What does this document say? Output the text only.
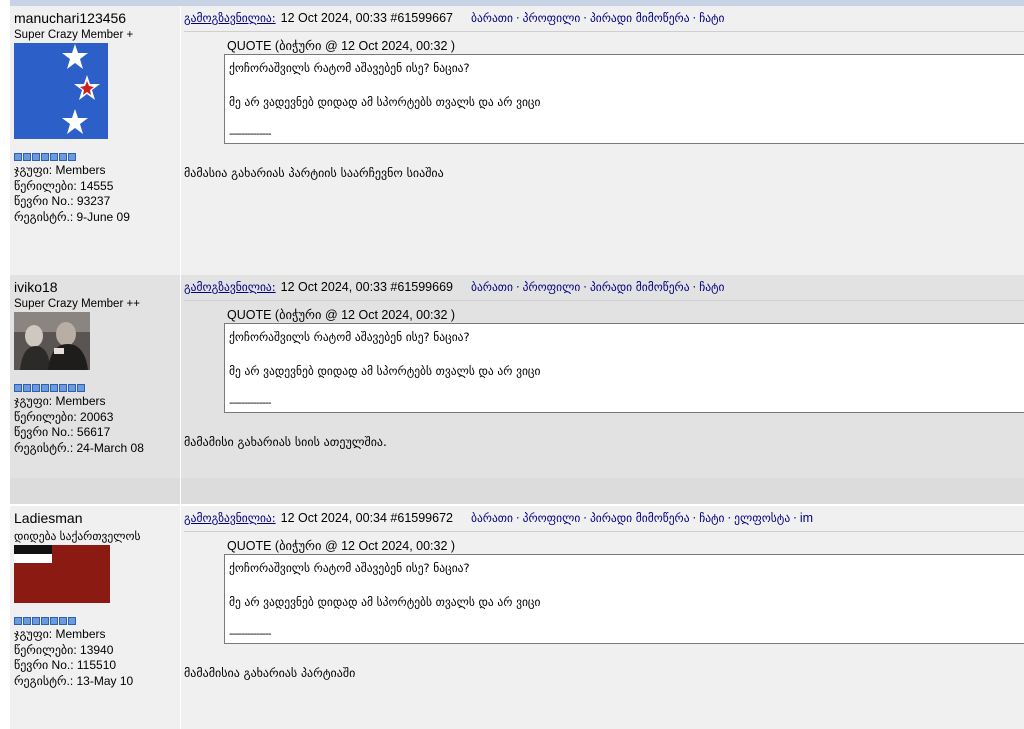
manuchari123456
Super Crazy Member +
ჯგუფი: Members
წერილები: 14555
წევრი No.: 93237
რეგისტრ.: 9-June 09
გამოგზავნილია: 12 Oct 2024, 00:33 #61599667 ბარათი · პროფილი · პირადი მიმოწერა · ჩატი
QUOTE (ბიჭური @ 12 Oct 2024, 00:32 )
ქოჩორაშვილს რატომ აშავებენ ისე? ნაცია?
მე არ ვადევნებ დიდად ამ სპორტებს თვალს და არ ვიცი
--------------
მამასია გახარიას პარტიის საარჩევნო სიაშია
iviko18
Super Crazy Member ++
ჯგუფი: Members
წერილები: 20063
წევრი No.: 56617
რეგისტრ.: 24-March 08
გამოგზავნილია: 12 Oct 2024, 00:33 #61599669 ბარათი · პროფილი · პირადი მიმოწერა · ჩატი
QUOTE (ბიჭური @ 12 Oct 2024, 00:32 )
ქოჩორაშვილს რატომ აშავებენ ისე? ნაცია?
მე არ ვადევნებ დიდად ამ სპორტებს თვალს და არ ვიცი
--------------
მამამისი გახარიას სიის ათეულშია.
Ladiesman
დიდება საქართველოს
ჯგუფი: Members
წერილები: 13940
წევრი No.: 115510
რეგისტრ.: 13-May 10
გამოგზავნილია: 12 Oct 2024, 00:34 #61599672 ბარათი · პროფილი · პირადი მიმოწერა · ჩატი · ელფოსტა · im
QUOTE (ბიჭური @ 12 Oct 2024, 00:32 )
ქოჩორაშვილს რატომ აშავებენ ისე? ნაცია?
მე არ ვადევნებ დიდად ამ სპორტებს თვალს და არ ვიცი
--------------
მამამისია გახარიას პარტიაში
